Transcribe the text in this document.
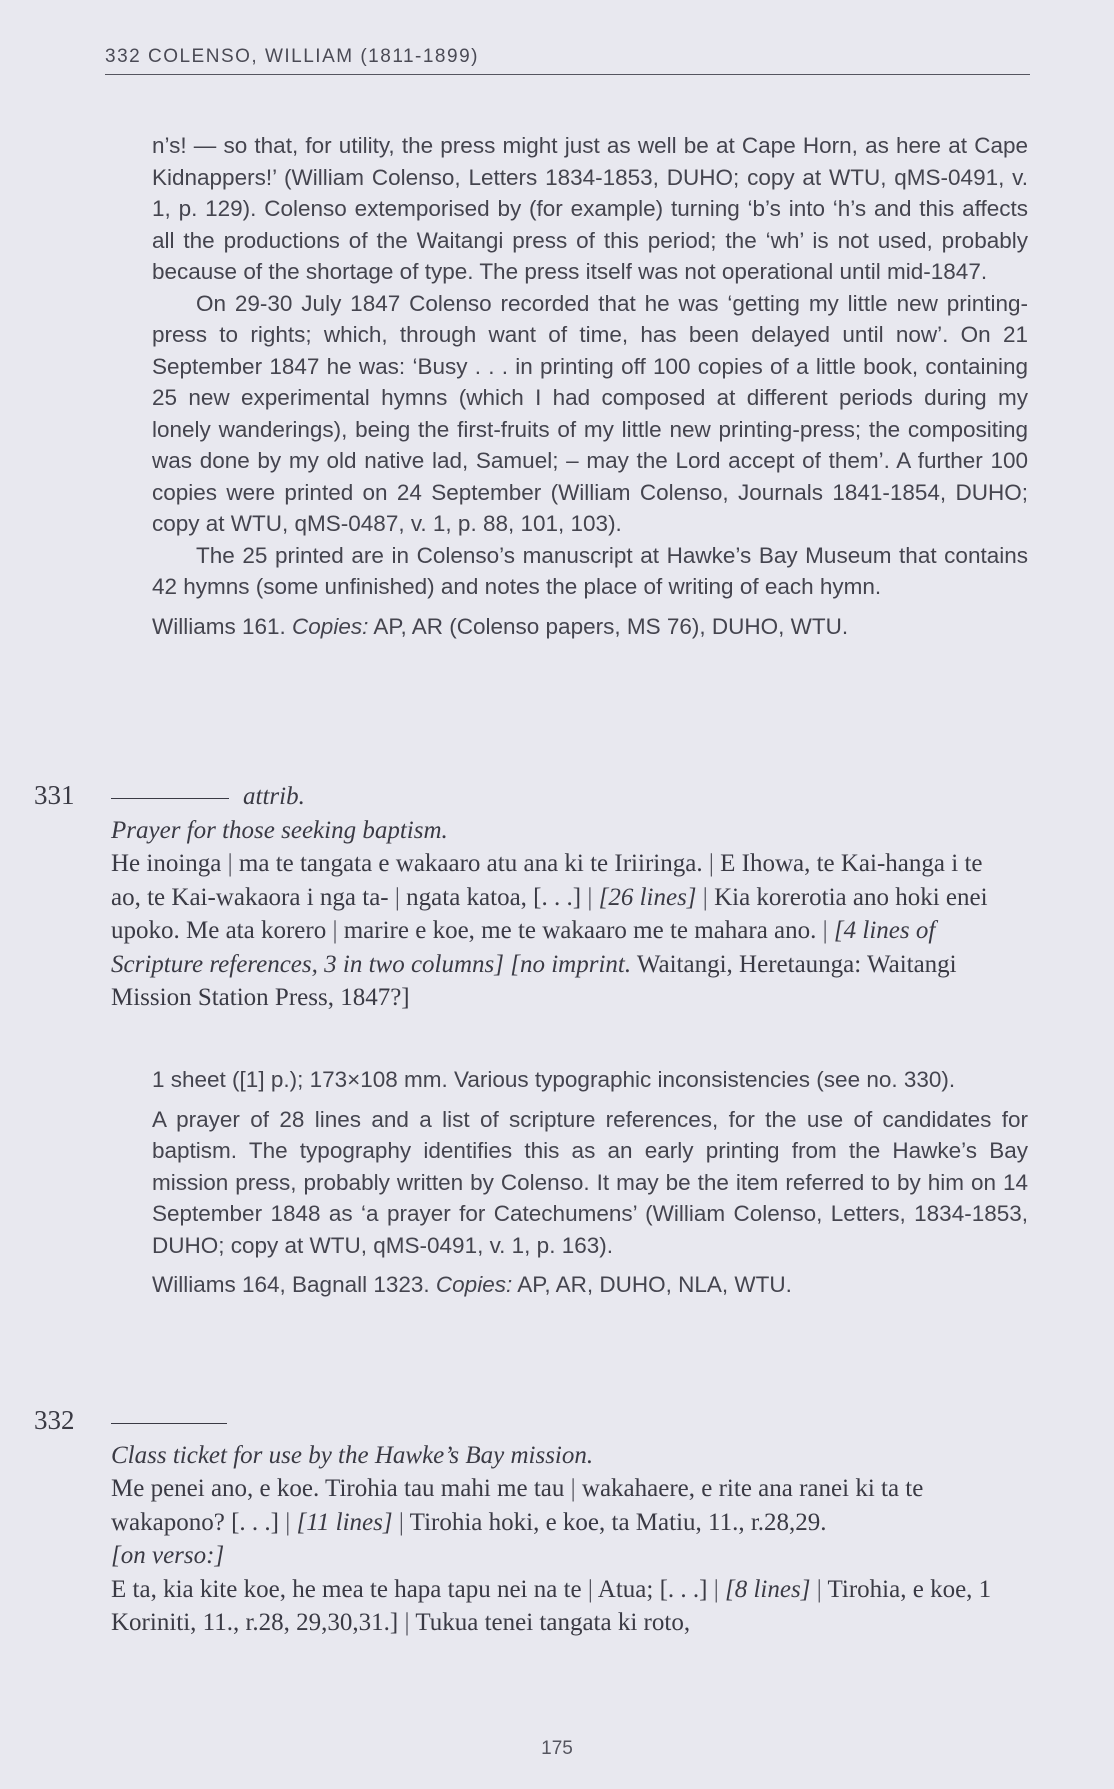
332 COLENSO, WILLIAM (1811-1899)

n’s! — so that, for utility, the press might just as well be at Cape Horn, as here at Cape Kidnappers!’ (William Colenso, Letters 1834-1853, DUHO; copy at WTU, qMS-0491, v. 1, p. 129). Colenso extemporised by (for example) turning ‘b’s into ‘h’s and this affects all the productions of the Waitangi press of this period; the ‘wh’ is not used, probably because of the shortage of type. The press itself was not operational until mid-1847.

On 29-30 July 1847 Colenso recorded that he was ‘getting my little new printing-press to rights; which, through want of time, has been delayed until now’. On 21 September 1847 he was: ‘Busy . . . in printing off 100 copies of a little book, containing 25 new experimental hymns (which I had composed at different periods during my lonely wanderings), being the first-fruits of my little new printing-press; the compositing was done by my old native lad, Samuel; – may the Lord accept of them’. A further 100 copies were printed on 24 September (William Colenso, Journals 1841-1854, DUHO; copy at WTU, qMS-0487, v. 1, p. 88, 101, 103).

The 25 printed are in Colenso’s manuscript at Hawke’s Bay Museum that contains 42 hymns (some unfinished) and notes the place of writing of each hymn.

Williams 161. Copies: AP, AR (Colenso papers, MS 76), DUHO, WTU.

331	attrib.

Prayer for those seeking baptism.

He inoinga | ma te tangata e wakaaro atu ana ki te Iriiringa. | E Ihowa, te Kai-hanga i te ao, te Kai-wakaora i nga ta- | ngata katoa, [. . .] | [26 lines] | Kia korerotia ano hoki enei upoko. Me ata korero | marire e koe, me te wakaaro me te mahara ano. | [4 lines of Scripture references, 3 in two columns] [no imprint. Waitangi, Heretaunga: Waitangi Mission Station Press, 1847?]

1 sheet ([1] p.); 173×108 mm. Various typographic inconsistencies (see no. 330).

A prayer of 28 lines and a list of scripture references, for the use of candidates for baptism. The typography identifies this as an early printing from the Hawke’s Bay mission press, probably written by Colenso. It may be the item referred to by him on 14 September 1848 as ‘a prayer for Catechumens’ (William Colenso, Letters, 1834-1853, DUHO; copy at WTU, qMS-0491, v. 1, p. 163).

Williams 164, Bagnall 1323. Copies: AP, AR, DUHO, NLA, WTU.

332

Class ticket for use by the Hawke’s Bay mission.

Me penei ano, e koe. Tirohia tau mahi me tau | wakahaere, e rite ana ranei ki ta te wakapono? [. . .] | [11 lines] | Tirohia hoki, e koe, ta Matiu, 11., r.28,29.

[on verso:]

E ta, kia kite koe, he mea te hapa tapu nei na te | Atua; [. . .] | [8 lines] | Tirohia, e koe, 1 Koriniti, 11., r.28, 29,30,31.] | Tukua tenei tangata ki roto,

175
